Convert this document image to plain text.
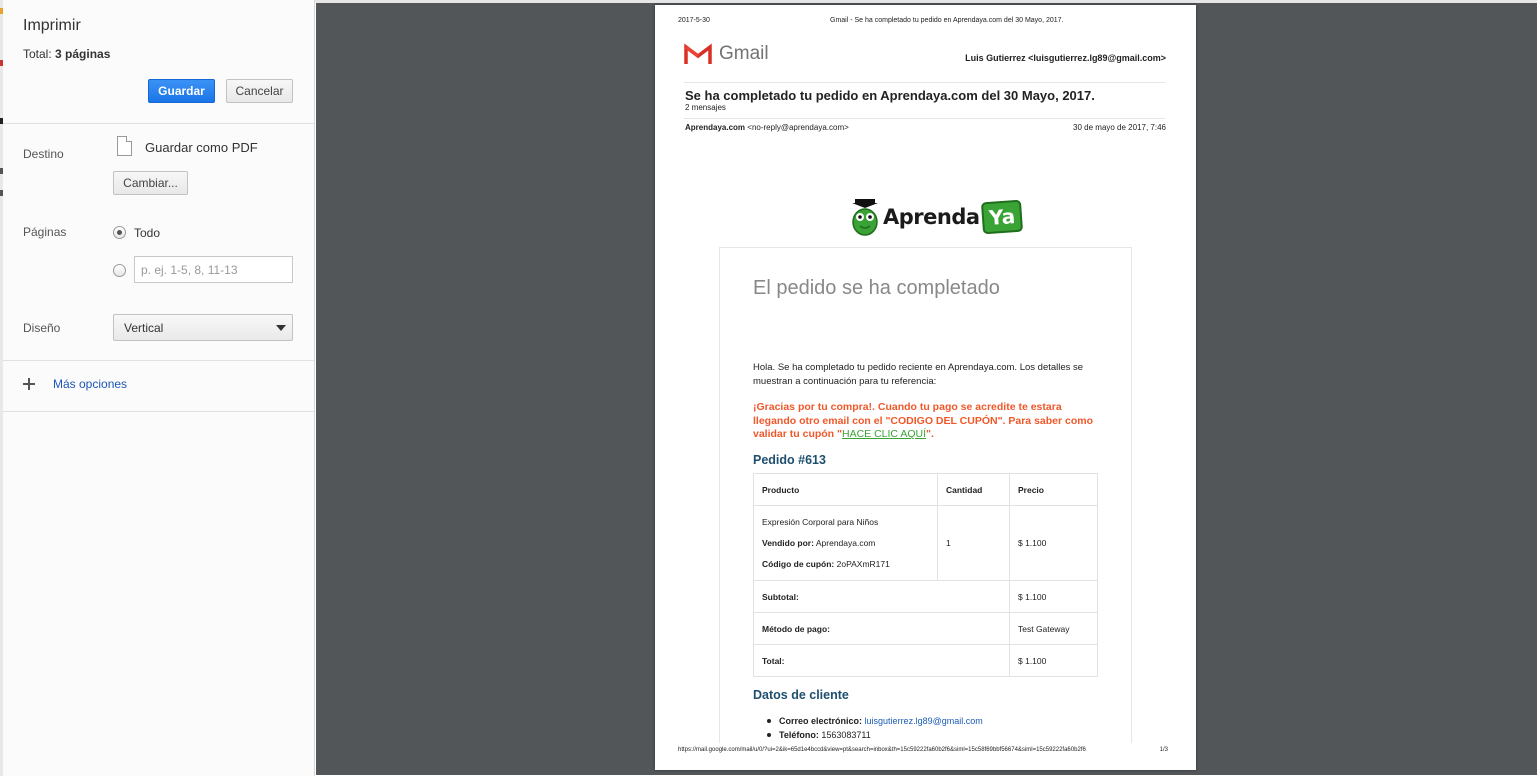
Imprimir
Total: 3 páginas
Guardar	Cancelar
Destino	Guardar como PDF
Cambiar...
Páginas	Todo
p. ej. 1-5, 8, 11-13
Diseño	Vertical
Más opciones
2017-5-30	Gmail - Se ha completado tu pedido en Aprendaya.com del 30 Mayo, 2017.
Gmail	Luis Gutierrez <luisgutierrez.lg89@gmail.com>
Se ha completado tu pedido en Aprendaya.com del 30 Mayo, 2017.
2 mensajes
Aprendaya.com <no-reply@aprendaya.com>	30 de mayo de 2017, 7:46
Aprenda Ya
El pedido se ha completado
Hola. Se ha completado tu pedido reciente en Aprendaya.com. Los detalles se muestran a continuación para tu referencia:
¡Gracias por tu compra!. Cuando tu pago se acredite te estara llegando otro email con el "CODIGO DEL CUPÓN". Para saber como validar tu cupón "HACE CLIC AQUÍ".
Pedido #613
Producto	Cantidad	Precio

Expresión Corporal para Niños
Vendido por: Aprendaya.com
Código de cupón: 2oPAXmR171	1	$ 1.100
Subtotal:		$ 1.100
Método de pago:		Test Gateway
Total:		$ 1.100
Datos de cliente
Correo electrónico: luisgutierrez.lg89@gmail.com
Teléfono: 1563083711
https://mail.google.com/mail/u/0/?ui=2&ik=65d1e4bccd&view=pt&search=inbox&th=15c59222fa60b2f6&siml=15c58f69bbf56674&siml=15c59222fa60b2f6	1/3
